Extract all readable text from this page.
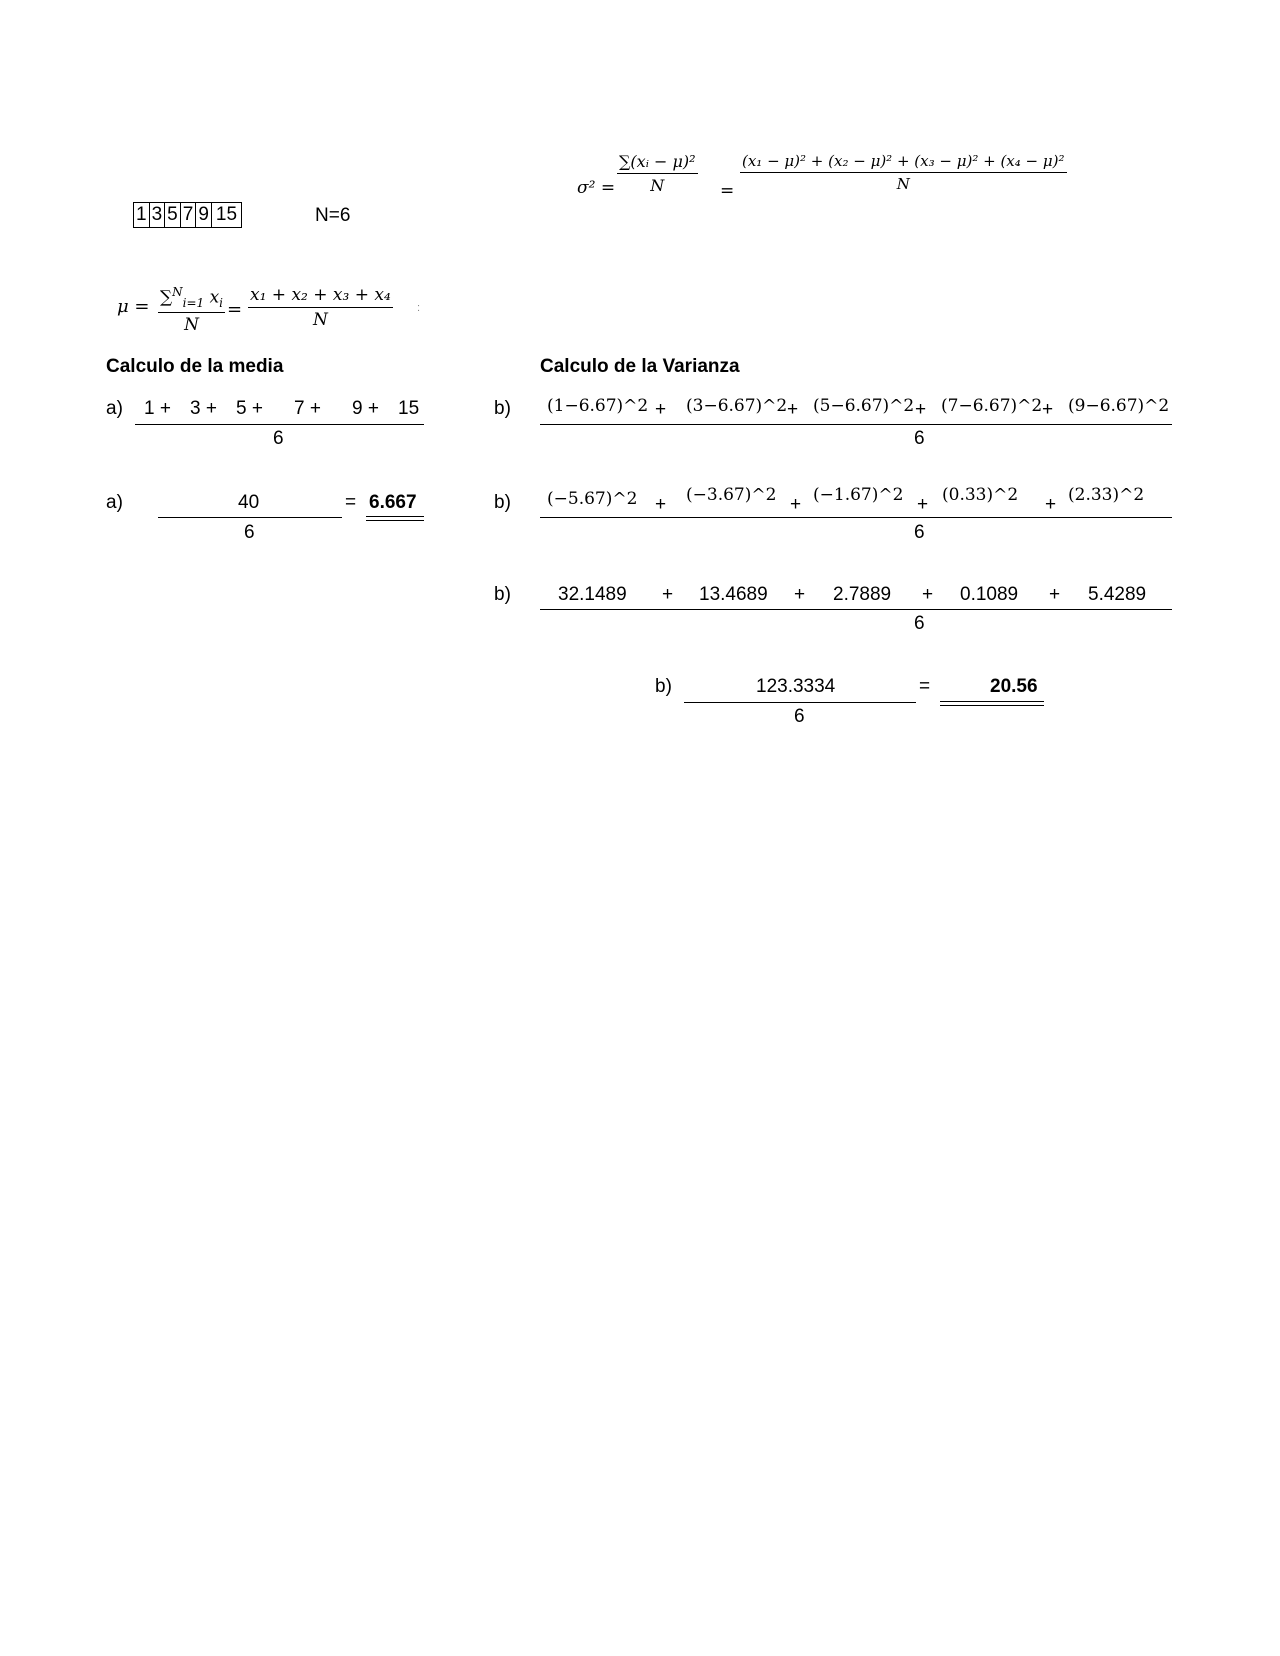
1	3	5	7	9	15	N=6
$\mu = \frac{\sum^N_{i=1} x_i}{N} = \frac{\text{x₁ + x₂ + x₃ + x₄}}{N}$ :
$\sigma^2 = \frac{\text{∑(xᵢ − μ)²}}{N} = \frac{\text{(x₁ − μ)² + (x₂ − μ)² + (x₃ − μ)² + (x₄ − μ)²}}{N}$
Calculo de la media	Calculo de la Varianza
a) 1 + 3 + 5 + 7 + 9 + 15
6
a)	40
6
= 6.667
b) (1−6.67)^2 + (3−6.67)^2 + (5−6.67)^2 + (7−6.67)^2 + (9−6.67)^2
6
b) (−5.67)^2 + (−3.67)^2 + (−1.67)^2 + (0.33)^2 + (2.33)^2
6
b) 32.1489 + 13.4689 + 2.7889 + 0.1089 + 5.4289
6
b)	123.3334
6
=	20.56
